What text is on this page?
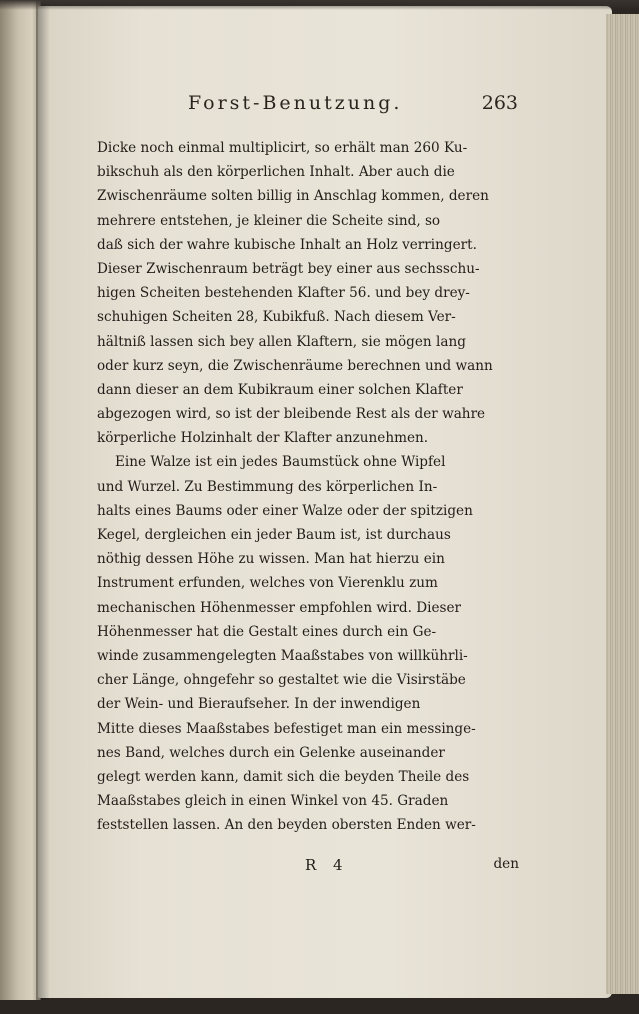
Forst-Benutzung.	263
Dicke noch einmal multiplicirt, so erhält man 260 Ku-
bikschuh als den körperlichen Inhalt. Aber auch die
Zwischenräume solten billig in Anschlag kommen, deren
mehrere entstehen, je kleiner die Scheite sind, so
daß sich der wahre kubische Inhalt an Holz verringert.
Dieser Zwischenraum beträgt bey einer aus sechsschu-
higen Scheiten bestehenden Klafter 56. und bey drey-
schuhigen Scheiten 28, Kubikfuß. Nach diesem Ver-
hältniß lassen sich bey allen Klaftern, sie mögen lang
oder kurz seyn, die Zwischenräume berechnen und wann
dann dieser an dem Kubikraum einer solchen Klafter
abgezogen wird, so ist der bleibende Rest als der wahre
körperliche Holzinhalt der Klafter anzunehmen.
Eine Walze ist ein jedes Baumstück ohne Wipfel
und Wurzel. Zu Bestimmung des körperlichen In-
halts eines Baums oder einer Walze oder der spitzigen
Kegel, dergleichen ein jeder Baum ist, ist durchaus
nöthig dessen Höhe zu wissen. Man hat hierzu ein
Instrument erfunden, welches von Vierenklu zum
mechanischen Höhenmesser empfohlen wird. Dieser
Höhenmesser hat die Gestalt eines durch ein Ge-
winde zusammengelegten Maaßstabes von willkührli-
cher Länge, ohngefehr so gestaltet wie die Visirstäbe
der Wein- und Bieraufseher. In der inwendigen
Mitte dieses Maaßstabes befestiget man ein messinge-
nes Band, welches durch ein Gelenke auseinander
gelegt werden kann, damit sich die beyden Theile des
Maaßstabes gleich in einen Winkel von 45. Graden
feststellen lassen. An den beyden obersten Enden wer-
R 4	den
